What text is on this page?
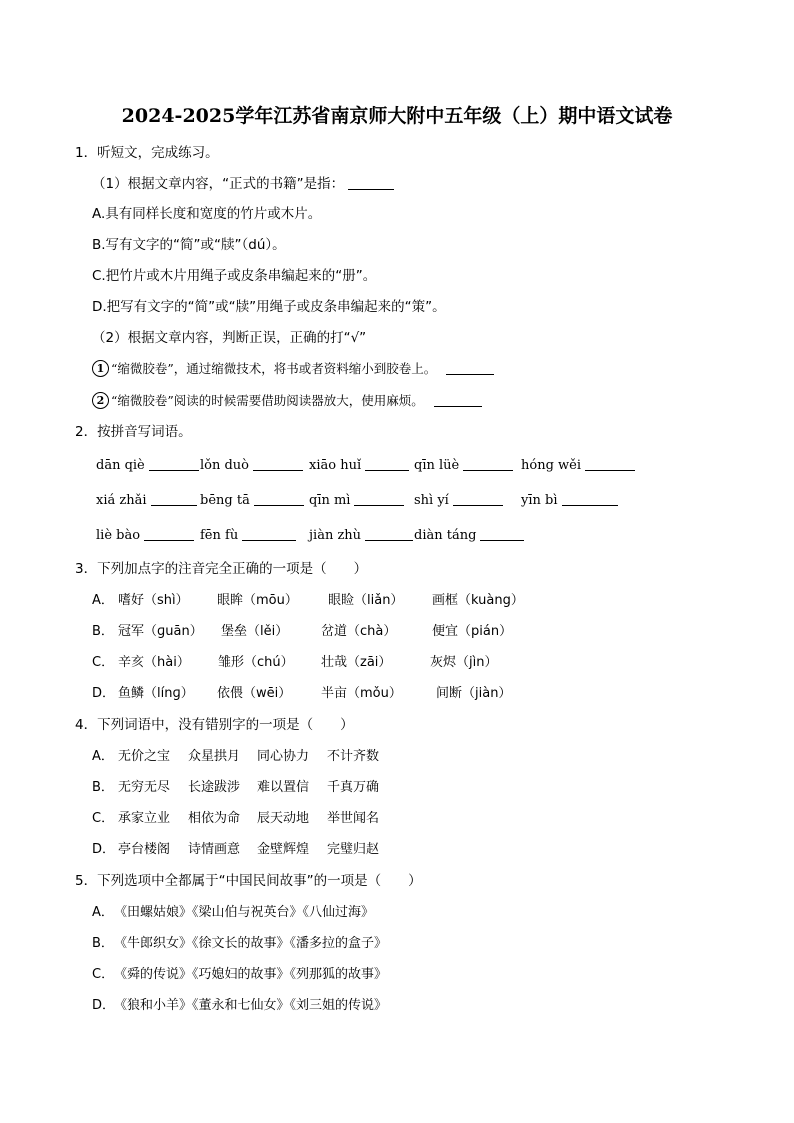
2024-2025学年江苏省南京师大附中五年级（上）期中语文试卷
1．听短文，完成练习。
（1）根据文章内容，“正式的书籍”是指：
A.具有同样长度和宽度的竹片或木片。
B.写有文字的“简”或“牍”（dú）。
C.把竹片或木片用绳子或皮条串编起来的“册”。
D.把写有文字的“简”或“牍”用绳子或皮条串编起来的“策”。
（2）根据文章内容，判断正误，正确的打“√”
1 “缩微胶卷”，通过缩微技术，将书或者资料缩小到胶卷上。
2 “缩微胶卷”阅读的时候需要借助阅读器放大，使用麻烦。
2．按拼音写词语。
dān qiè	lǒn duò	xiāo huǐ	qīn lüè	hóng wěi
xiá zhǎi	bēng tā	qīn mì	shì yí	yīn bì
liè bào	fēn fù	jiàn zhù	diàn táng
3．下列加点字的注音完全正确的一项是（　　）
A． 嗜好（shì） 眼眸（mōu） 眼睑（liǎn） 画框（kuàng）
B． 冠军（ɡuān） 堡垒（lěi）	岔道（chà）	便宜（pián）
C． 辛亥（hài） 雏形（chú） 壮哉（zāi）	灰烬（jìn）
D． 鱼鳞（línɡ） 依偎（wēi） 半亩（mǒu）	间断（jiàn）
4．下列词语中，没有错别字的一项是（　　）
A． 无价之宝 众星拱月 同心协力 不计齐数
B． 无穷无尽 长途跋涉 难以置信 千真万确
C． 承家立业 相依为命 辰天动地 举世闻名
D． 亭台楼阁 诗情画意 金壁辉煌 完璧归赵
5．下列选项中全都属于“中国民间故事”的一项是（　　）
A． 《田螺姑娘》《梁山伯与祝英台》《八仙过海》
B． 《牛郎织女》《徐文长的故事》《潘多拉的盒子》
C． 《舜的传说》《巧媳妇的故事》《列那狐的故事》
D．
《狼和小羊》《董永和七仙女》《刘三姐的传说》
